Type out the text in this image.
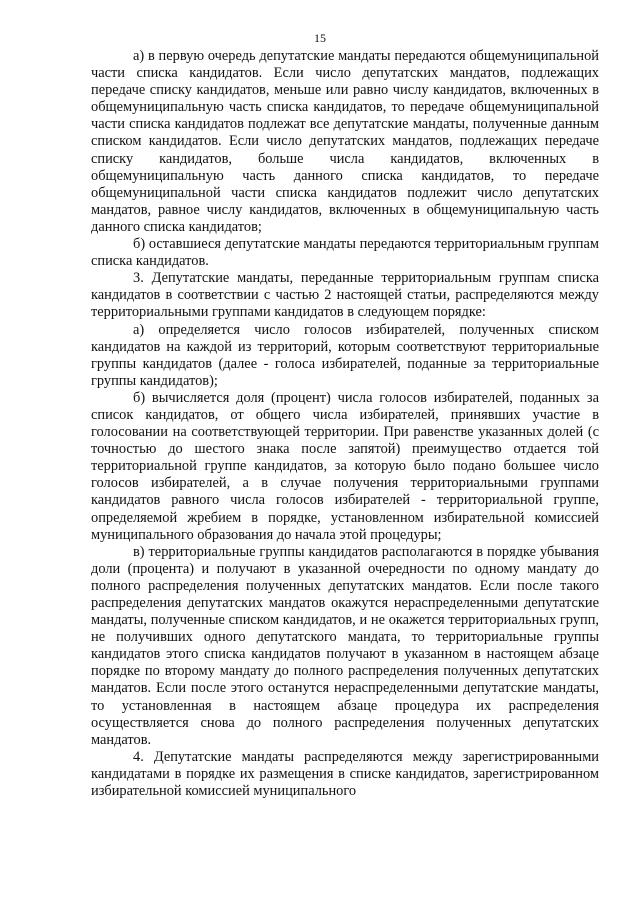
15

а) в первую очередь депутатские мандаты передаются общемуниципальной части списка кандидатов. Если число депутатских мандатов, подлежащих передаче списку кандидатов, меньше или равно числу кандидатов, включенных в общемуниципальную часть списка кандидатов, то передаче общемуниципальной части списка кандидатов подлежат все депутатские мандаты, полученные данным списком кандидатов. Если число депутатских мандатов, подлежащих передаче списку кандидатов, больше числа кандидатов, включенных в общемуниципальную часть данного списка кандидатов, то передаче общемуниципальной части списка кандидатов подлежит число депутатских мандатов, равное числу кандидатов, включенных в общемуниципальную часть данного списка кандидатов;

б) оставшиеся депутатские мандаты передаются территориальным группам списка кандидатов.

3. Депутатские мандаты, переданные территориальным группам списка кандидатов в соответствии с частью 2 настоящей статьи, распределяются между территориальными группами кандидатов в следующем порядке:

а) определяется число голосов избирателей, полученных списком кандидатов на каждой из территорий, которым соответствуют территориальные группы кандидатов (далее - голоса избирателей, поданные за территориальные группы кандидатов);

б) вычисляется доля (процент) числа голосов избирателей, поданных за список кандидатов, от общего числа избирателей, принявших участие в голосовании на соответствующей территории. При равенстве указанных долей (с точностью до шестого знака после запятой) преимущество отдается той территориальной группе кандидатов, за которую было подано большее число голосов избирателей, а в случае получения территориальными группами кандидатов равного числа голосов избирателей - территориальной группе, определяемой жребием в порядке, установленном избирательной комиссией муниципального образования до начала этой процедуры;

в) территориальные группы кандидатов располагаются в порядке убывания доли (процента) и получают в указанной очередности по одному мандату до полного распределения полученных депутатских мандатов. Если после такого распределения депутатских мандатов окажутся нераспределенными депутатские мандаты, полученные списком кандидатов, и не окажется территориальных групп, не получивших одного депутатского мандата, то территориальные группы кандидатов этого списка кандидатов получают в указанном в настоящем абзаце порядке по второму мандату до полного распределения полученных депутатских мандатов. Если после этого останутся нераспределенными депутатские мандаты, то установленная в настоящем абзаце процедура их распределения осуществляется снова до полного распределения полученных депутатских мандатов.

4. Депутатские мандаты распределяются между зарегистрированными кандидатами в порядке их размещения в списке кандидатов, зарегистрированном избирательной комиссией муниципального
